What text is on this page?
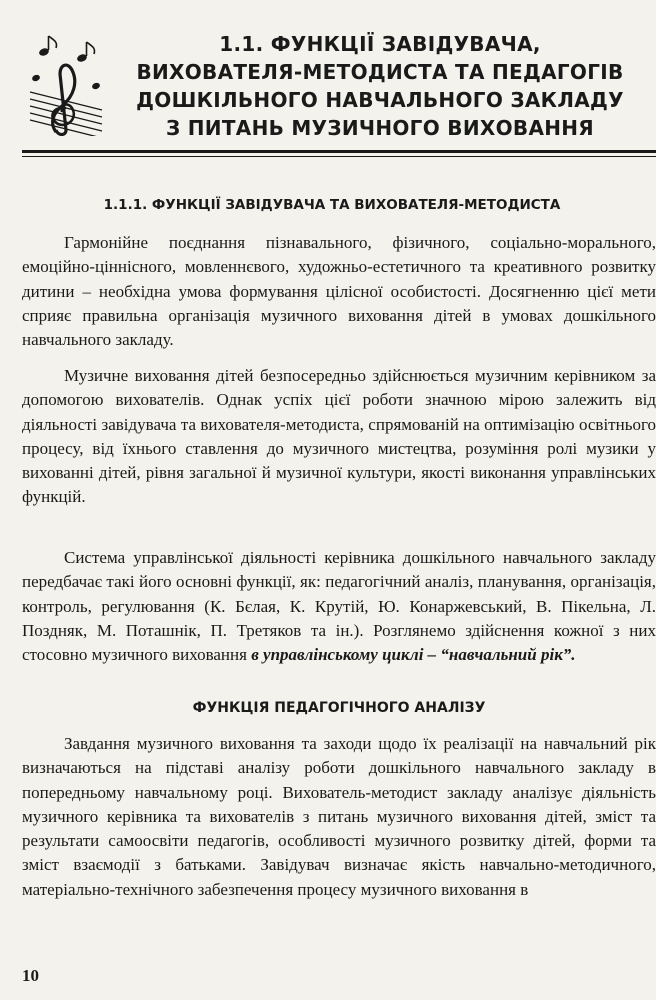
1.1. ФУНКЦІЇ ЗАВІДУВАЧА,
ВИХОВАТЕЛЯ-МЕТОДИСТА ТА ПЕДАГОГІВ
ДОШКІЛЬНОГО НАВЧАЛЬНОГО ЗАКЛАДУ
З ПИТАНЬ МУЗИЧНОГО ВИХОВАННЯ
1.1.1. ФУНКЦІЇ ЗАВІДУВАЧА ТА ВИХОВАТЕЛЯ-МЕТОДИСТА

Гармонійне поєднання пізнавального, фізичного, соціально-морального, емоційно-ціннісного, мовленнєвого, художньо-естетичного та креативного розвитку дитини – необхідна умова формування цілісної особистості. Досягненню цієї мети сприяє правильна організація музичного виховання дітей в умовах дошкільного навчального закладу.

Музичне виховання дітей безпосередньо здійснюється музичним керівником за допомогою вихователів. Однак успіх цієї роботи значною мірою залежить від діяльності завідувача та вихователя-методиста, спрямованій на оптимізацію освітнього процесу, від їхнього ставлення до музичного мистецтва, розуміння ролі музики у вихованні дітей, рівня загальної й музичної культури, якості виконання управлінських функцій.

Система управлінської діяльності керівника дошкільного навчального закладу передбачає такі його основні функції, як: педагогічний аналіз, планування, організація, контроль, регулювання (К. Бєлая, К. Крутій, Ю. Конаржевський, В. Пікельна, Л. Поздняк, М. Поташнік, П. Третяков та ін.). Розглянемо здійснення кожної з них стосовно музичного виховання в управлінському циклі – “навчальний рік”.

ФУНКЦІЯ ПЕДАГОГІЧНОГО АНАЛІЗУ

Завдання музичного виховання та заходи щодо їх реалізації на навчальний рік визначаються на підставі аналізу роботи дошкільного навчального закладу в попередньому навчальному році. Вихователь-методист закладу аналізує діяльність музичного керівника та вихователів з питань музичного виховання дітей, зміст та результати самоосвіти педагогів, особливості музичного розвитку дітей, форми та зміст взаємодії з батьками. Завідувач визначає якість навчально-методичного, матеріально-технічного забезпечення процесу музичного виховання в

10
